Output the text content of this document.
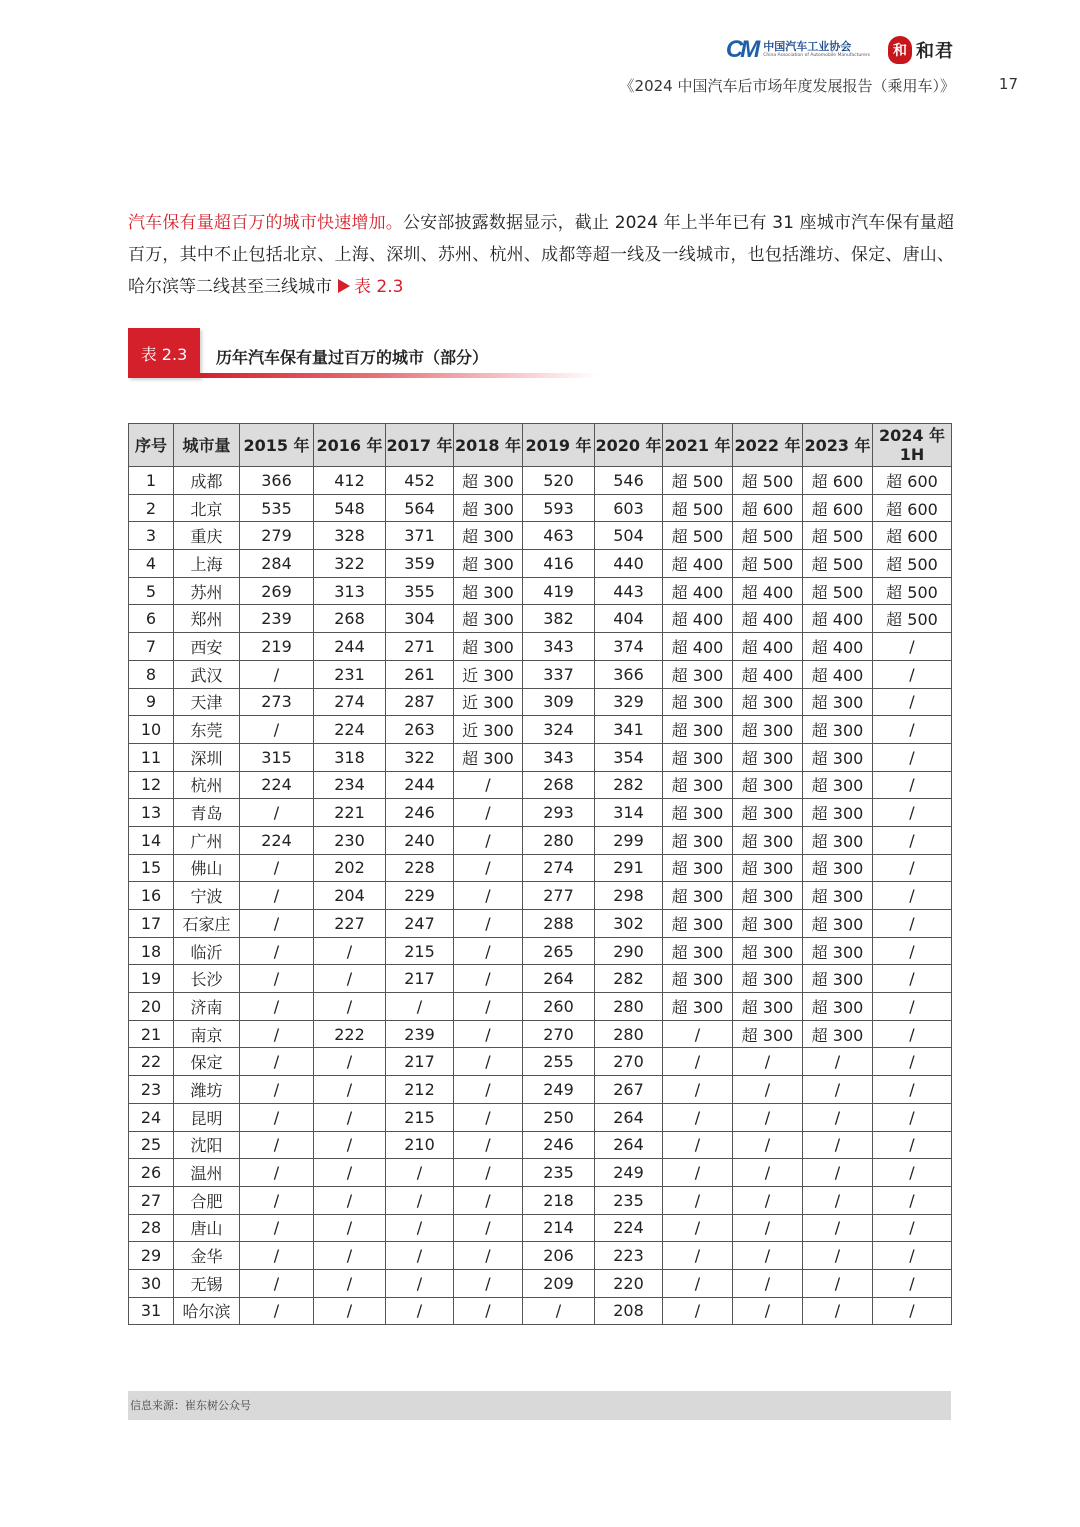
CM 中国汽车工业协会
China Association of Automobile Manufacturers	和 和君
《2024 中国汽车后市场年度发展报告（乘用车）》	17
汽车保有量超百万的城市快速增加。公安部披露数据显示，截止 2024 年上半年已有 31 座城市汽车保有量超百万，其中不止包括北京、上海、深圳、苏州、杭州、成都等超一线及一线城市，也包括潍坊、保定、唐山、哈尔滨等二线甚至三线城市 表 2.3
表 2.3	历年汽车保有量过百万的城市（部分）
序号	城市量	2015 年	2016 年	2017 年	2018 年	2019 年	2020 年	2021 年	2022 年	2023 年	2024 年
1H
1	成都	366	412	452	超 300	520	546	超 500	超 500	超 600	超 600
2	北京	535	548	564	超 300	593	603	超 500	超 600	超 600	超 600
3	重庆	279	328	371	超 300	463	504	超 500	超 500	超 500	超 600
4	上海	284	322	359	超 300	416	440	超 400	超 500	超 500	超 500
5	苏州	269	313	355	超 300	419	443	超 400	超 400	超 500	超 500
6	郑州	239	268	304	超 300	382	404	超 400	超 400	超 400	超 500
7	西安	219	244	271	超 300	343	374	超 400	超 400	超 400	/
8	武汉	/	231	261	近 300	337	366	超 300	超 400	超 400	/
9	天津	273	274	287	近 300	309	329	超 300	超 300	超 300	/
10	东莞	/	224	263	近 300	324	341	超 300	超 300	超 300	/
11	深圳	315	318	322	超 300	343	354	超 300	超 300	超 300	/
12	杭州	224	234	244	/	268	282	超 300	超 300	超 300	/
13	青岛	/	221	246	/	293	314	超 300	超 300	超 300	/
14	广州	224	230	240	/	280	299	超 300	超 300	超 300	/
15	佛山	/	202	228	/	274	291	超 300	超 300	超 300	/
16	宁波	/	204	229	/	277	298	超 300	超 300	超 300	/
17	石家庄	/	227	247	/	288	302	超 300	超 300	超 300	/
18	临沂	/	/	215	/	265	290	超 300	超 300	超 300	/
19	长沙	/	/	217	/	264	282	超 300	超 300	超 300	/
20	济南	/	/	/	/	260	280	超 300	超 300	超 300	/
21	南京	/	222	239	/	270	280	/	超 300	超 300	/
22	保定	/	/	217	/	255	270	/	/	/	/
23	潍坊	/	/	212	/	249	267	/	/	/	/
24	昆明	/	/	215	/	250	264	/	/	/	/
25	沈阳	/	/	210	/	246	264	/	/	/	/
26	温州	/	/	/	/	235	249	/	/	/	/
27	合肥	/	/	/	/	218	235	/	/	/	/
28	唐山	/	/	/	/	214	224	/	/	/	/
29	金华	/	/	/	/	206	223	/	/	/	/
30	无锡	/	/	/	/	209	220	/	/	/	/
31	哈尔滨	/	/	/	/	/	208	/	/	/	/
信息来源：崔东树公众号
